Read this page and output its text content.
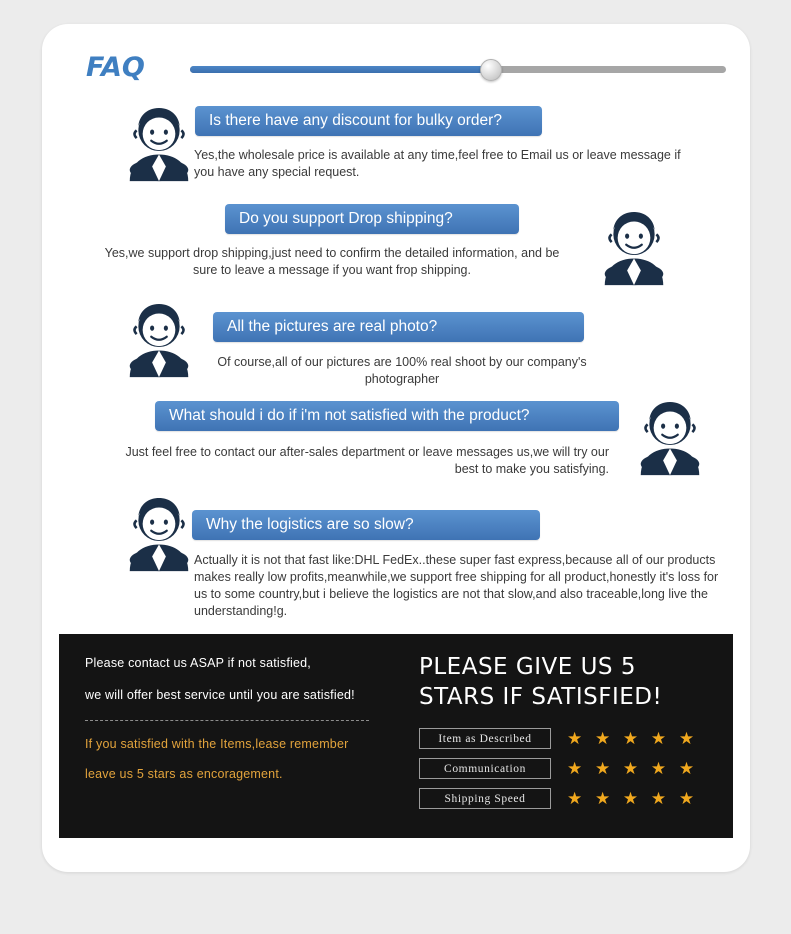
FAQ
Is there have any discount for bulky order?
Yes,the wholesale price is available at any time,feel free to Email us or leave message if you have any special request.
Do you support Drop shipping?
Yes,we support drop shipping,just need to confirm the detailed information, and be sure to leave a message if you want frop shipping.
All the pictures are real photo?
Of course,all of our pictures are 100% real shoot by our company's photographer
What should i do if i'm not satisfied with the product?
Just feel free to contact our after-sales department or leave messages us,we will try our best to make you satisfying.
Why the logistics are so slow?
Actually it is not that fast like:DHL FedEx..these super fast express,because all of our products makes really low profits,meanwhile,we support free shipping for all product,honestly it's loss for us to some country,but i believe the logistics are not that slow,and also traceable,long live the understanding!g.
Please contact us ASAP if not satisfied,
we will offer best service until you are satisfied!
If you satisfied with the Items,lease remember
leave us 5 stars as encoragement.
PLEASE GIVE US 5
STARS IF SATISFIED!
Item as Described	★ ★ ★ ★ ★
Communication	★ ★ ★ ★ ★
Shipping Speed	★ ★ ★ ★ ★
